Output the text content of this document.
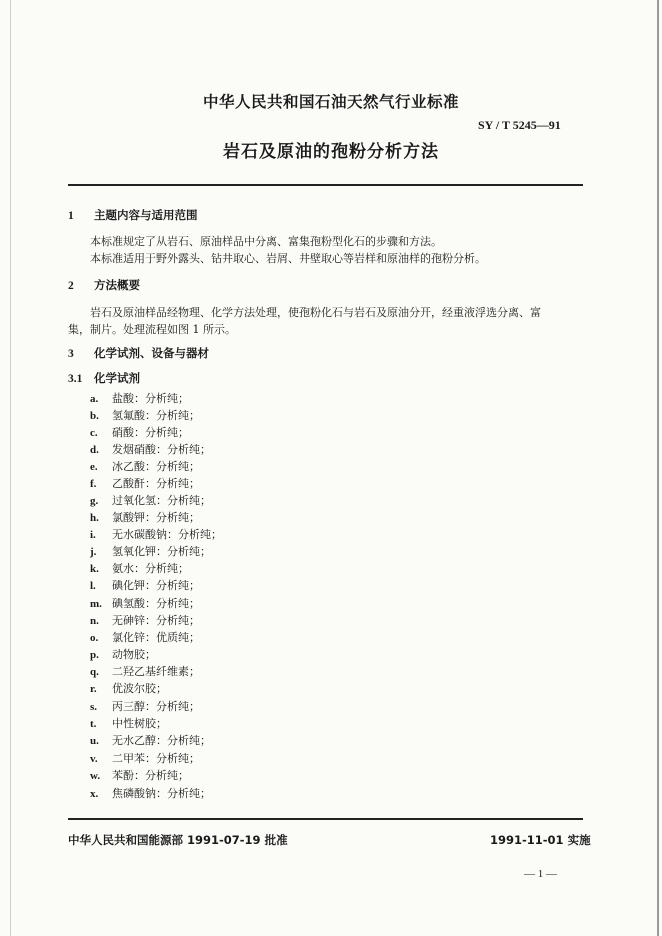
中华人民共和国石油天然气行业标准
SY / T 5245—91
岩石及原油的孢粉分析方法
1 主题内容与适用范围
本标准规定了从岩石、原油样品中分离、富集孢粉型化石的步骤和方法。
本标准适用于野外露头、钻井取心、岩屑、井壁取心等岩样和原油样的孢粉分析。
2 方法概要
岩石及原油样品经物理、化学方法处理，使孢粉化石与岩石及原油分开，经重液浮选分离、富
集，制片。处理流程如图 1 所示。
3 化学试剂、设备与器材
3.1 化学试剂
a. 盐酸：分析纯；
b. 氢氟酸：分析纯；
c. 硝酸：分析纯；
d. 发烟硝酸：分析纯；
e. 冰乙酸：分析纯；
f. 乙酸酐：分析纯；
g. 过氧化氢：分析纯；
h. 氯酸钾：分析纯；
i. 无水碳酸钠：分析纯；
j. 氢氧化钾：分析纯；
k. 氨水：分析纯；
l. 碘化钾：分析纯；
m. 碘氢酸：分析纯；
n. 无砷锌：分析纯；
o. 氯化锌：优质纯；
p. 动物胶；
q. 二羟乙基纤维素；
r. 优波尔胶；
s. 丙三醇：分析纯；
t. 中性树胶；
u. 无水乙醇：分析纯；
v. 二甲苯：分析纯；
w. 苯酚：分析纯；
x. 焦磷酸钠：分析纯；
中华人民共和国能源部 1991-07-19 批准	1991-11-01 实施
— 1 —
